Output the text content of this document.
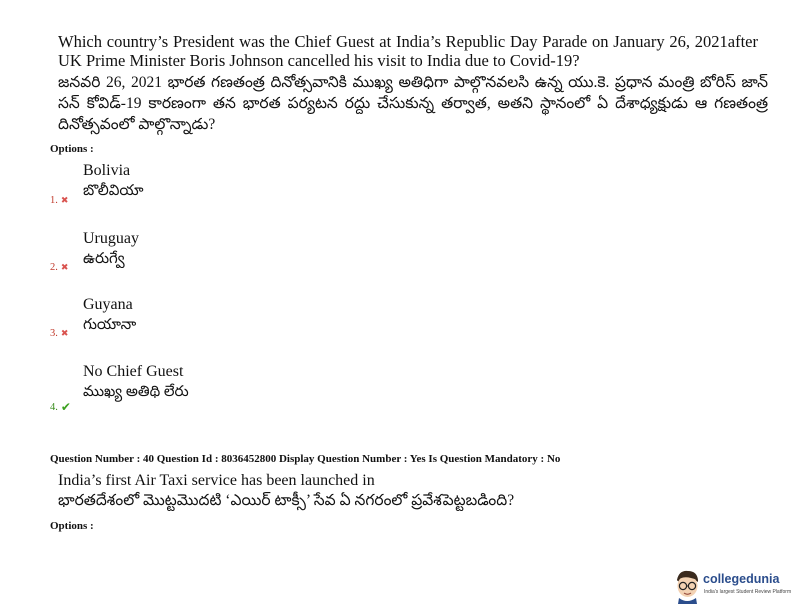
Which country’s President was the Chief Guest at India’s Republic Day Parade on January 26, 2021after UK Prime Minister Boris Johnson cancelled his visit to India due to Covid-19?
జనవరి 26, 2021 భారత గణతంత్ర దినోత్సవానికి ముఖ్య అతిధిగా పాల్గొనవలసి ఉన్న యు.కె. ప్రధాన మంత్రి బోరిస్ జాన్ సన్ కోవిడ్-19 కారణంగా తన భారత పర్యటన రద్దు చేసుకున్న తర్వాత, అతని స్థానంలో ఏ దేశాధ్యక్షుడు ఆ గణతంత్ర దినోత్సవంలో పాల్గొన్నాడు?
Options :
Bolivia
బొలీవియా
1. ✖
Uruguay
ఉరుగ్వే
2. ✖
Guyana
గుయానా
3. ✖
No Chief Guest
ముఖ్య అతిథి లేరు
4. ✔
Question Number : 40 Question Id : 8036452800 Display Question Number : Yes Is Question Mandatory : No
India’s first Air Taxi service has been launched in
భారతదేశంలో మొట్టమొదటి ‘ఎయిర్ టాక్సీ’ సేవ ఏ నగరంలో ప్రవేశపెట్టబడింది?
Options :
collegedunia
India's largest Student Review Platform
